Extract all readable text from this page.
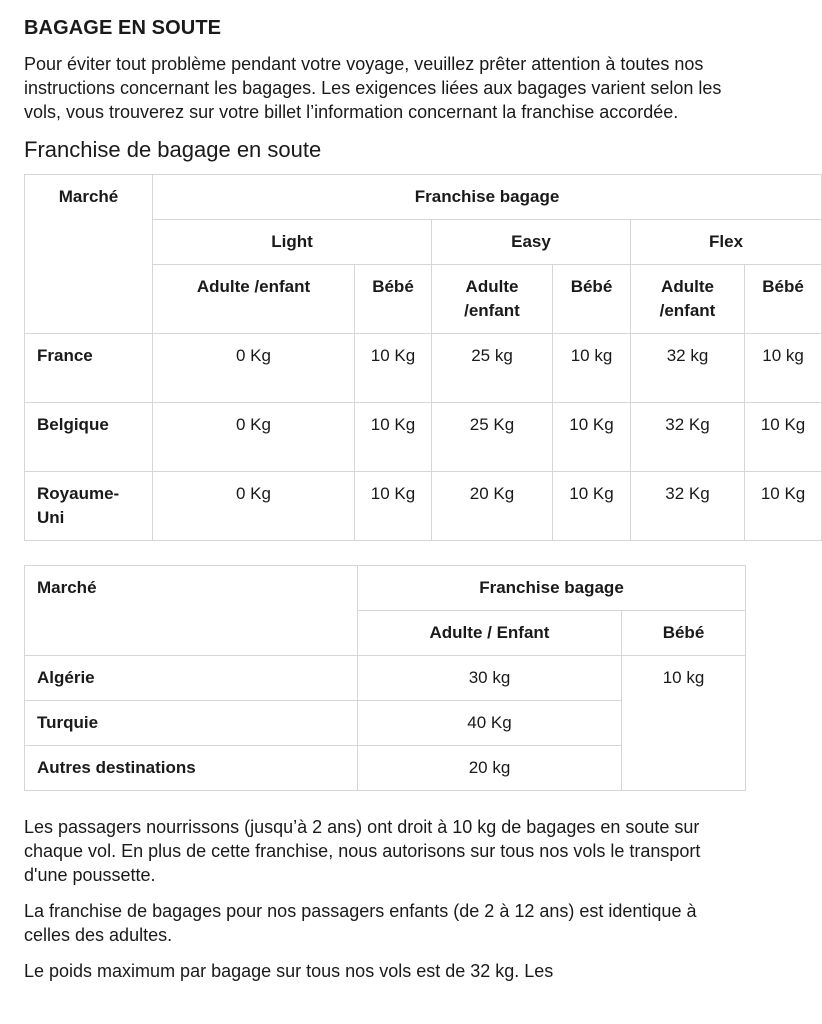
BAGAGE EN SOUTE

Pour éviter tout problème pendant votre voyage, veuillez prêter attention à toutes nos instructions concernant les bagages. Les exigences liées aux bagages varient selon les vols, vous trouverez sur votre billet l’information concernant la franchise accordée.

Franchise de bagage en soute
Marché	Franchise bagage					
	Light		Easy		Flex	
	Adulte /enfant	Bébé	Adulte /enfant	Bébé	Adulte /enfant	Bébé
France	0 Kg	10 Kg	25 kg	10 kg	32 kg	10 kg
Belgique	0 Kg	10 Kg	25 Kg	10 Kg	32 Kg	10 Kg
Royaume-Uni	0 Kg	10 Kg	20 Kg	10 Kg	32 Kg	10 Kg
Marché	Franchise bagage	
	Adulte / Enfant	Bébé
Algérie	30 kg	10 kg
Turquie	40 Kg	
Autres destinations	20 kg	

Les passagers nourrissons (jusqu’à 2 ans) ont droit à 10 kg de bagages en soute sur chaque vol. En plus de cette franchise, nous autorisons sur tous nos vols le transport d'une poussette.

La franchise de bagages pour nos passagers enfants (de 2 à 12 ans) est identique à celles des adultes.

Le poids maximum par bagage sur tous nos vols est de 32 kg. Les
